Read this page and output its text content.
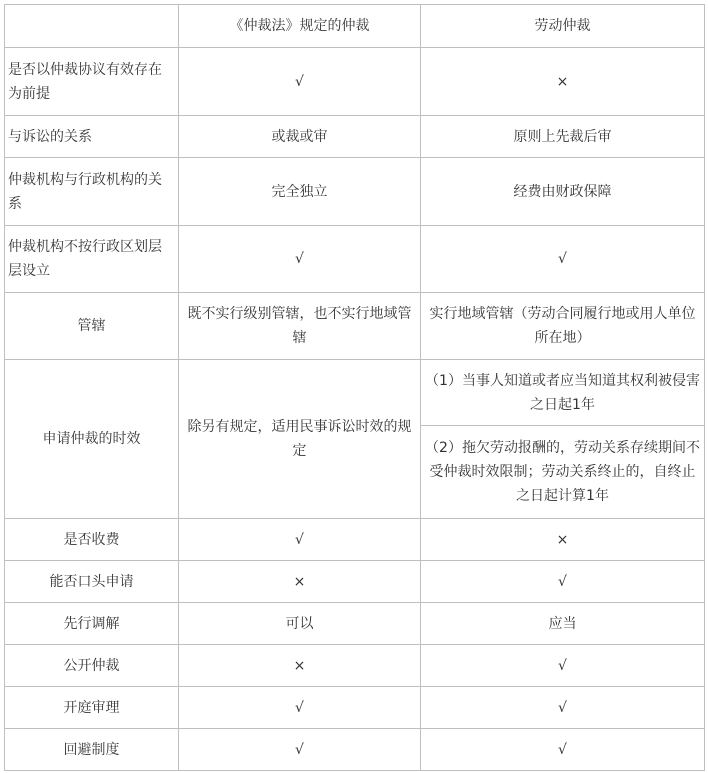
	《仲裁法》规定的仲裁	劳动仲裁
是否以仲裁协议有效存在为前提	√	×
与诉讼的关系	或裁或审	原则上先裁后审
仲裁机构与行政机构的关系	完全独立	经费由财政保障
仲裁机构不按行政区划层层设立	√	√
管辖	既不实行级别管辖，也不实行地域管辖	实行地域管辖（劳动合同履行地或用人单位所在地）
申请仲裁的时效	除另有规定，适用民事诉讼时效的规定	（1）当事人知道或者应当知道其权利被侵害之日起1年
		（2）拖欠劳动报酬的，劳动关系存续期间不受仲裁时效限制；劳动关系终止的，自终止之日起计算1年
是否收费	√	×
能否口头申请	×	√
先行调解	可以	应当
公开仲裁	×	√
开庭审理	√	√
回避制度	√	√
